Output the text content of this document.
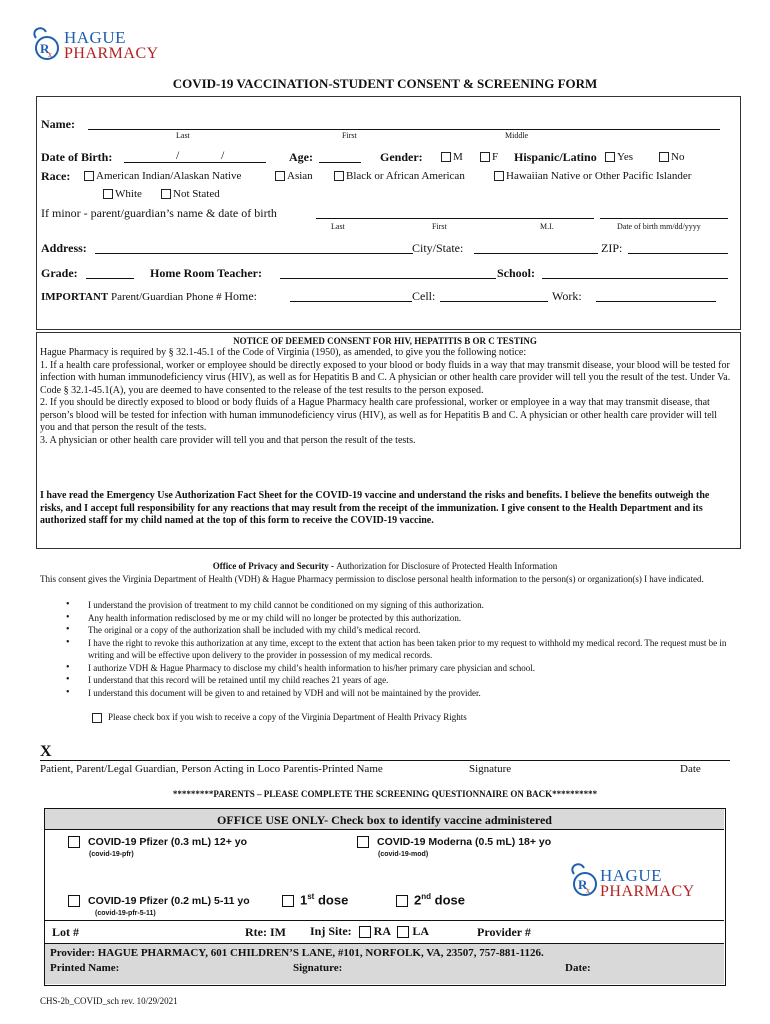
R
x
HAGUE
PHARMACY
COVID-19 VACCINATION-STUDENT CONSENT & SCREENING FORM
Name:
Last	First	Middle
Date of Birth:	/	/	Age:	Gender:	M	F Hispanic/Latino	Yes	No
Race:	American Indian/Alaskan Native	Asian	Black or African American	Hawaiian Native or Other Pacific Islander
White	Not Stated
If minor - parent/guardian’s name & date of birth
Last	First	M.I.	Date of birth mm/dd/yyyy
Address:	City/State:	ZIP:
Grade:	Home Room Teacher:	School:
IMPORTANT Parent/Guardian Phone # Home:	Cell:	Work:
NOTICE OF DEEMED CONSENT FOR HIV, HEPATITIS B OR C TESTING
Hague Pharmacy is required by § 32.1-45.1 of the Code of Virginia (1950), as amended, to give you the following notice:
1. If a health care professional, worker or employee should be directly exposed to your blood or body fluids in a way that may transmit disease, your blood will be tested for infection with human immunodeficiency virus (HIV), as well as for Hepatitis B and C. A physician or other health care provider will tell you the result of the test. Under Va. Code § 32.1-45.1(A), you are deemed to have consented to the release of the test results to the person exposed.
2. If you should be directly exposed to blood or body fluids of a Hague Pharmacy health care professional, worker or employee in a way that may transmit disease, that person’s blood will be tested for infection with human immunodeficiency virus (HIV), as well as for Hepatitis B and C. A physician or other health care provider will tell you and that person the result of the tests.
3. A physician or other health care provider will tell you and that person the result of the tests.
I have read the Emergency Use Authorization Fact Sheet for the COVID-19 vaccine and understand the risks and benefits. I believe the benefits outweigh the risks, and I accept full responsibility for any reactions that may result from the receipt of the immunization. I give consent to the Health Department and its authorized staff for my child named at the top of this form to receive the COVID-19 vaccine.
Office of Privacy and Security - Authorization for Disclosure of Protected Health Information
This consent gives the Virginia Department of Health (VDH) & Hague Pharmacy permission to disclose personal health information to the person(s) or organization(s) I have indicated.
• I understand the provision of treatment to my child cannot be conditioned on my signing of this authorization.
• Any health information redisclosed by me or my child will no longer be protected by this authorization.
• The original or a copy of the authorization shall be included with my child’s medical record.
• I have the right to revoke this authorization at any time, except to the extent that action has been taken prior to my request to withhold my medical record. The request must be in writing and will be effective upon delivery to the provider in possession of my medical records.
• I authorize VDH & Hague Pharmacy to disclose my child’s health information to his/her primary care physician and school.
• I understand that this record will be retained until my child reaches 21 years of age.
• I understand this document will be given to and retained by VDH and will not be maintained by the provider.
Please check box if you wish to receive a copy of the Virginia Department of Health Privacy Rights
X
Patient, Parent/Legal Guardian, Person Acting in Loco Parentis-Printed Name	Signature	Date
*********PARENTS – PLEASE COMPLETE THE SCREENING QUESTIONNAIRE ON BACK**********
OFFICE USE ONLY- Check box to identify vaccine administered
COVID-19 Pfizer (0.3 mL) 12+ yo
(covid-19-pfr)
COVID-19 Moderna (0.5 mL) 18+ yo
(covid-19-mod)
R
x
HAGUE
PHARMACY
COVID-19 Pfizer (0.2 mL) 5-11 yo
(covid-19-pfr-5-11)
1st dose	2nd dose
Lot #	Rte: IM Inj Site: RA LA	Provider #
Provider: HAGUE PHARMACY, 601 CHILDREN’S LANE, #101, NORFOLK, VA, 23507, 757-881-1126.
Printed Name:	Signature:	Date:
CHS-2b_COVID_sch rev. 10/29/2021
